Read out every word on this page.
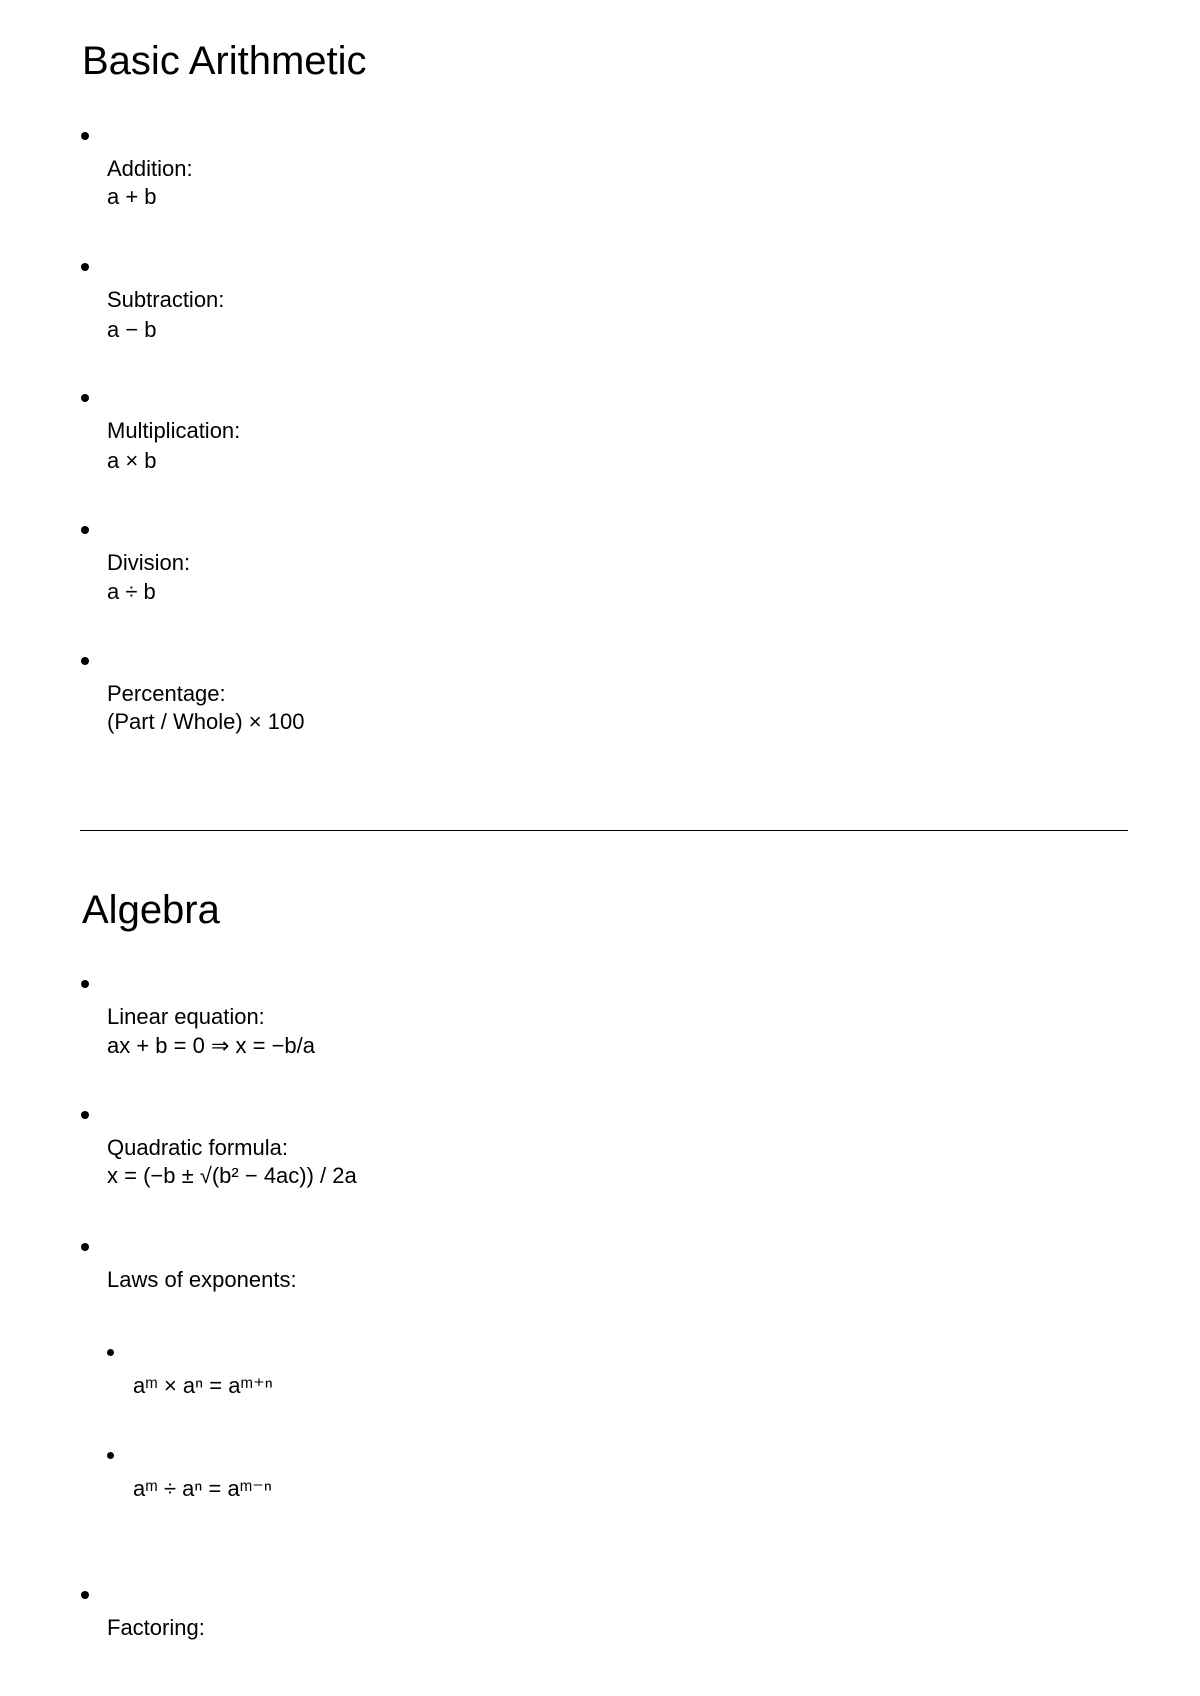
Basic Arithmetic
Addition:
a + b
Subtraction:
a − b
Multiplication:
a × b
Division:
a ÷ b
Percentage:
(Part / Whole) × 100
Algebra
Linear equation:
ax + b = 0 ⇒ x = −b/a
Quadratic formula:
x = (−b ± √(b² − 4ac)) / 2a
Laws of exponents:
aᵐ × aⁿ = aᵐ⁺ⁿ
aᵐ ÷ aⁿ = aᵐ⁻ⁿ
Factoring:
